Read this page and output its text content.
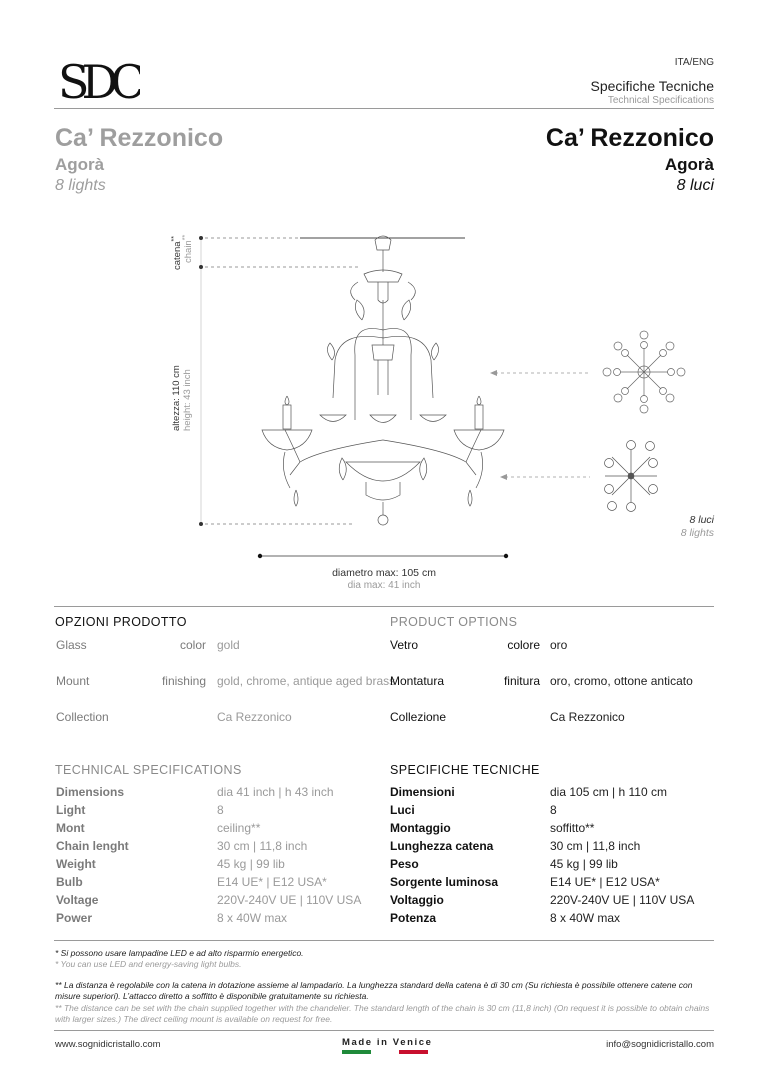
SDC	ITA/ENG
Specifiche Tecniche
Technical Specifications
Ca’ Rezzonico
Agorà
8 lights
Ca’ Rezzonico
Agorà
8 luci
catena**
chain**
altezza: 110 cm height: 43 inch
diametro max: 105 cm
dia max: 41 inch
8 luci
8 lights
OPZIONI PRODOTTO	PRODUCT OPTIONS
Glass	color gold
Mount	finishing gold, chrome, antique aged brass
Collection	Ca Rezzonico
Vetro	colore oro
Montatura	finitura oro, cromo, ottone anticato
Collezione	Ca Rezzonico
TECHNICAL SPECIFICATIONS	SPECIFICHE TECNICHE
Dimensions	dia 41 inch | h 43 inch
Light	8
Mont	ceiling**
Chain lenght	30 cm | 11,8 inch
Weight	45 kg | 99 lib
Bulb	E14 UE* | E12 USA*
Voltage	220V-240V UE | 110V USA
Power	8 x 40W max
Dimensioni	dia 105 cm | h 110 cm
Luci	8
Montaggio	soffitto**
Lunghezza catena	30 cm | 11,8 inch
Peso	45 kg | 99 lib
Sorgente luminosa	E14 UE* | E12 USA*
Voltaggio	220V-240V UE | 110V USA
Potenza	8 x 40W max
* Si possono usare lampadine LED e ad alto risparmio energetico.
* You can use LED and energy-saving light bulbs.
** La distanza è regolabile con la catena in dotazione assieme al lampadario. La lunghezza standard della catena è di 30 cm (Su richiesta è possibile ottenere catene con misure superiori). L’attacco diretto a soffitto è disponibile gratuitamente su richiesta.
** The distance can be set with the chain supplied together with the chandelier. The standard length of the chain is 30 cm (11,8 inch) (On request it is possible to obtain chains with larger sizes.) The direct ceiling mount is available on request for free.
www.sognidicristallo.com	Made in Venice	info@sognidicristallo.com
